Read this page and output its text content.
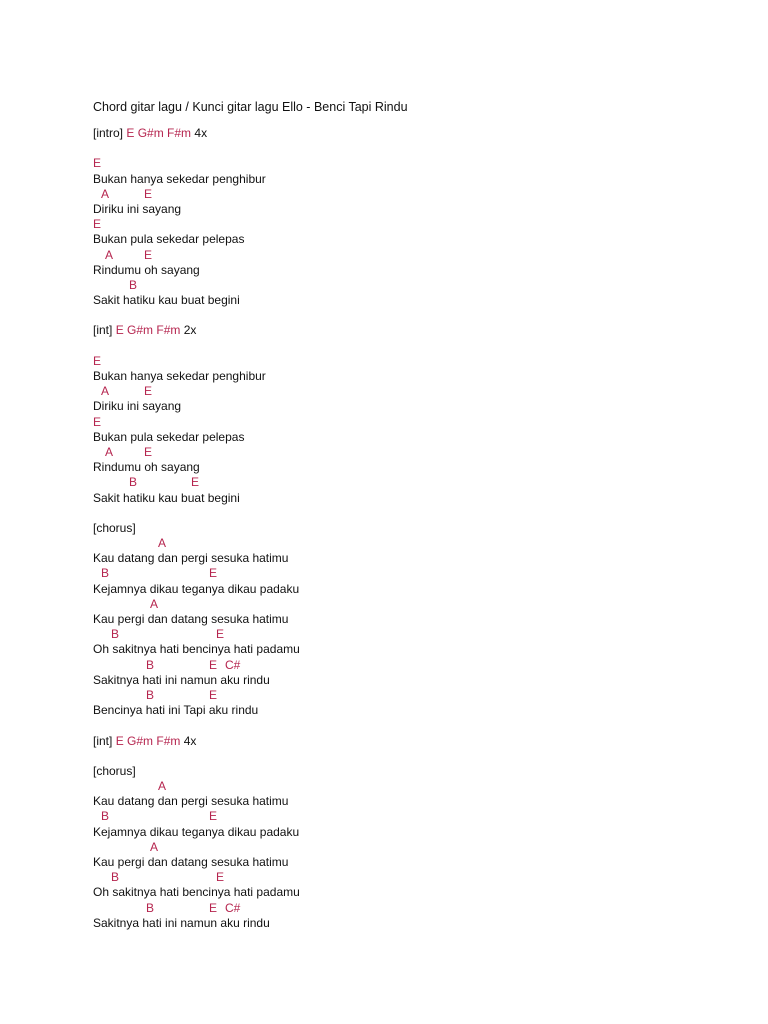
Chord gitar lagu / Kunci gitar lagu Ello - Benci Tapi Rindu
[intro] E G#m F#m 4x
E
Bukan hanya sekedar penghibur
A	E
Diriku ini sayang
E
Bukan pula sekedar pelepas
A	E
Rindumu oh sayang
B
Sakit hatiku kau buat begini
[int] E G#m F#m 2x
E
Bukan hanya sekedar penghibur
A	E
Diriku ini sayang
E
Bukan pula sekedar pelepas
A	E
Rindumu oh sayang
B	E
Sakit hatiku kau buat begini
[chorus]
A
Kau datang dan pergi sesuka hatimu
B	E
Kejamnya dikau teganya dikau padaku
A
Kau pergi dan datang sesuka hatimu
B	E
Oh sakitnya hati bencinya hati padamu
B	E C#
Sakitnya hati ini namun aku rindu
B	E
Bencinya hati ini Tapi aku rindu
[int] E G#m F#m 4x
[chorus]
A
Kau datang dan pergi sesuka hatimu
B	E
Kejamnya dikau teganya dikau padaku
A
Kau pergi dan datang sesuka hatimu
B	E
Oh sakitnya hati bencinya hati padamu
B	E C#
Sakitnya hati ini namun aku rindu
